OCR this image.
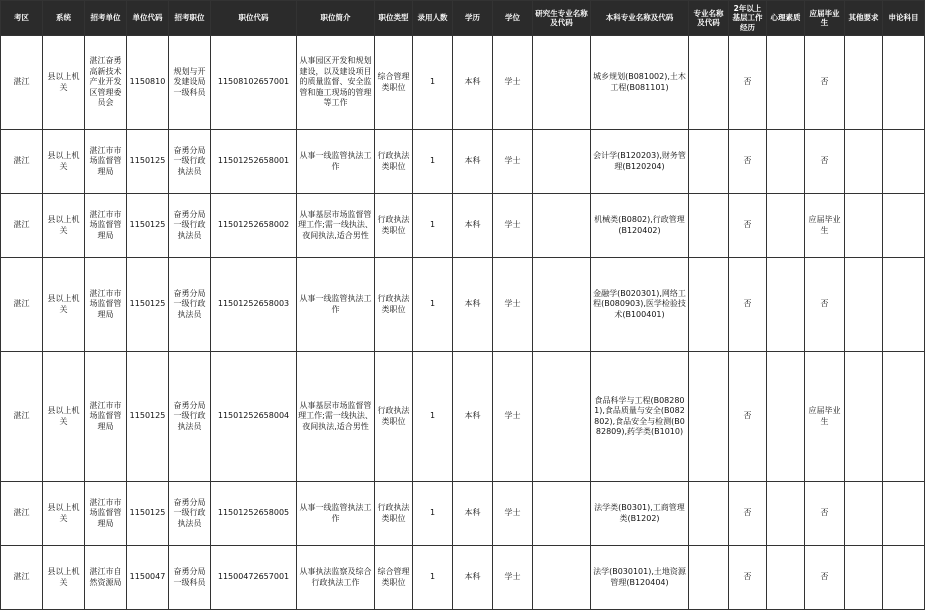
考区	系统	招考单位	单位代码	招考职位	职位代码	职位简介	职位类型	录用人数	学历	学位	研究生专业名称及代码	本科专业名称及代码	专业名称及代码	2年以上基层工作经历	心理素质	应届毕业生	其他要求	申论科目
湛江	县以上机关	湛江奋勇高新技术产业开发区管理委员会	1150810	规划与开发建设局一级科员	11508102657001	从事园区开发和规划建设，以及建设项目的质量监督、安全监管和施工现场的管理等工作	综合管理类职位	1	本科	学士		城乡规划(B081002),土木工程(B081101)		否		否		
湛江	县以上机关	湛江市市场监督管理局	1150125	奋勇分局一级行政执法员	11501252658001	从事一线监管执法工作	行政执法类职位	1	本科	学士		会计学(B120203),财务管理(B120204)		否		否		
湛江	县以上机关	湛江市市场监督管理局	1150125	奋勇分局一级行政执法员	11501252658002	从事基层市场监督管理工作;需一线执法、夜间执法,适合男性	行政执法类职位	1	本科	学士		机械类(B0802),行政管理(B120402)		否		应届毕业生		
湛江	县以上机关	湛江市市场监督管理局	1150125	奋勇分局一级行政执法员	11501252658003	从事一线监管执法工作	行政执法类职位	1	本科	学士		金融学(B020301),网络工程(B080903),医学检验技术(B100401)		否		否		
湛江	县以上机关	湛江市市场监督管理局	1150125	奋勇分局一级行政执法员	11501252658004	从事基层市场监督管理工作;需一线执法、夜间执法,适合男性	行政执法类职位	1	本科	学士		食品科学与工程(B082801),食品质量与安全(B082802),食品安全与检测(B082809),药学类(B1010)		否		应届毕业生		
湛江	县以上机关	湛江市市场监督管理局	1150125	奋勇分局一级行政执法员	11501252658005	从事一线监管执法工作	行政执法类职位	1	本科	学士		法学类(B0301),工商管理类(B1202)		否		否		
湛江	县以上机关	湛江市自然资源局	1150047	奋勇分局一级科员	11500472657001	从事执法监察及综合行政执法工作	综合管理类职位	1	本科	学士		法学(B030101),土地资源管理(B120404)		否		否		
